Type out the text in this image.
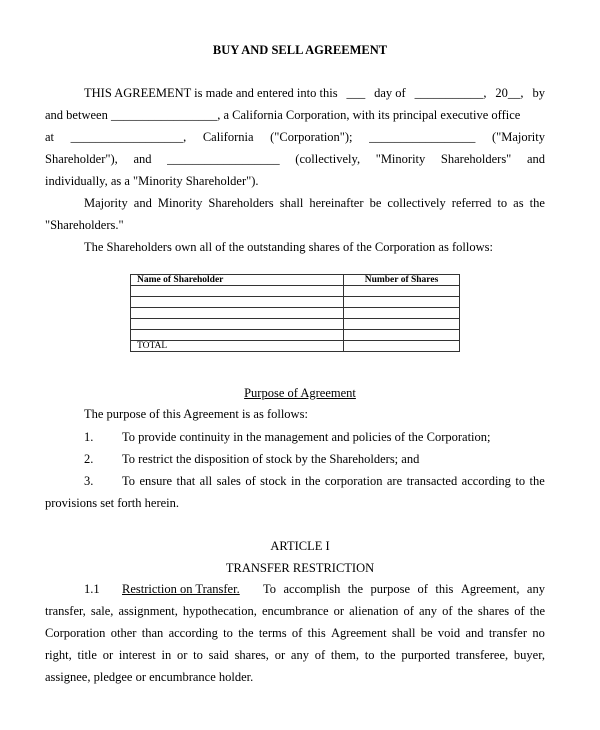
BUY AND SELL AGREEMENT
THIS AGREEMENT is made and entered into this ___ day of ___________, 20__, by
and between _________________, a California Corporation, with its principal executive office
at __________________, California ("Corporation"); _________________ ("Majority
Shareholder"), and __________________ (collectively, "Minority Shareholders" and
individually, as a "Minority Shareholder").
Majority and Minority Shareholders shall hereinafter be collectively referred to as the
"Shareholders."
The Shareholders own all of the outstanding shares of the Corporation as follows:
Name of Shareholder	Number of Shares

TOTAL	
Purpose of Agreement
The purpose of this Agreement is as follows:
1. To provide continuity in the management and policies of the Corporation;
2. To restrict the disposition of stock by the Shareholders; and
3. To ensure that all sales of stock in the corporation are transacted according to the
provisions set forth herein.
ARTICLE I
TRANSFER RESTRICTION
1.1 Restriction on Transfer. To accomplish the purpose of this Agreement, any
transfer, sale, assignment, hypothecation, encumbrance or alienation of any of the shares of the
Corporation other than according to the terms of this Agreement shall be void and transfer no
right, title or interest in or to said shares, or any of them, to the purported transferee, buyer,
assignee, pledgee or encumbrance holder.
